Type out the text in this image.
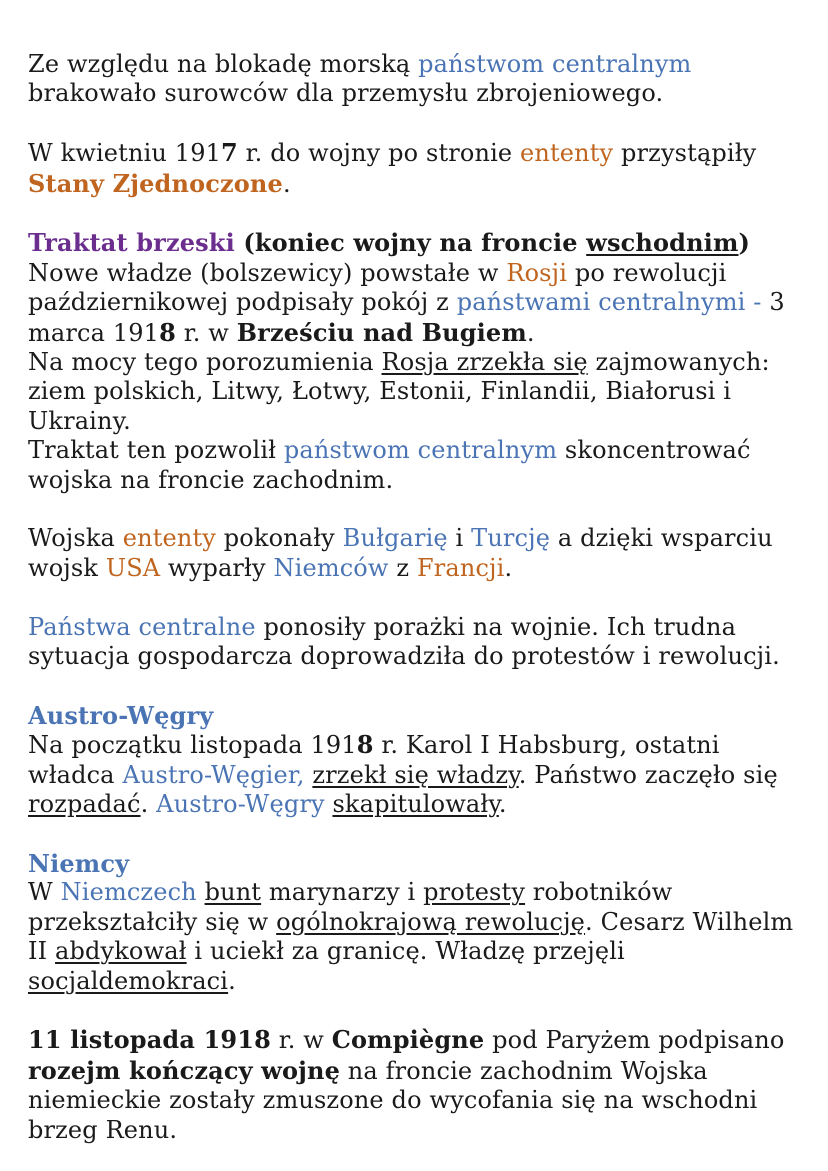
Ze względu na blokadę morską państwom centralnym brakowało surowców dla przemysłu zbrojeniowego.

W kwietniu 1917 r. do wojny po stronie ententy przystąpiły Stany Zjednoczone.

Traktat brzeski (koniec wojny na froncie wschodnim)
Nowe władze (bolszewicy) powstałe w Rosji po rewolucji październikowej podpisały pokój z państwami centralnymi - 3 marca 1918 r. w Brześciu nad Bugiem.
Na mocy tego porozumienia Rosja zrzekła się zajmowanych: ziem polskich, Litwy, Łotwy, Estonii, Finlandii, Białorusi i Ukrainy.
Traktat ten pozwolił państwom centralnym skoncentrować wojska na froncie zachodnim.

Wojska ententy pokonały Bułgarię i Turcję a dzięki wsparciu wojsk USA wyparły Niemców z Francji.

Państwa centralne ponosiły porażki na wojnie. Ich trudna sytuacja gospodarcza doprowadziła do protestów i rewolucji.

Austro-Węgry
Na początku listopada 1918 r. Karol I Habsburg, ostatni władca Austro-Węgier, zrzekł się władzy. Państwo zaczęło się rozpadać. Austro-Węgry skapitulowały.

Niemcy
W Niemczech bunt marynarzy i protesty robotników przekształciły się w ogólnokrajową rewolucję. Cesarz Wilhelm II abdykował i uciekł za granicę. Władzę przejęli socjaldemokraci.

11 listopada 1918 r. w Compiègne pod Paryżem podpisano rozejm kończący wojnę na froncie zachodnim Wojska niemieckie zostały zmuszone do wycofania się na wschodni brzeg Renu.
